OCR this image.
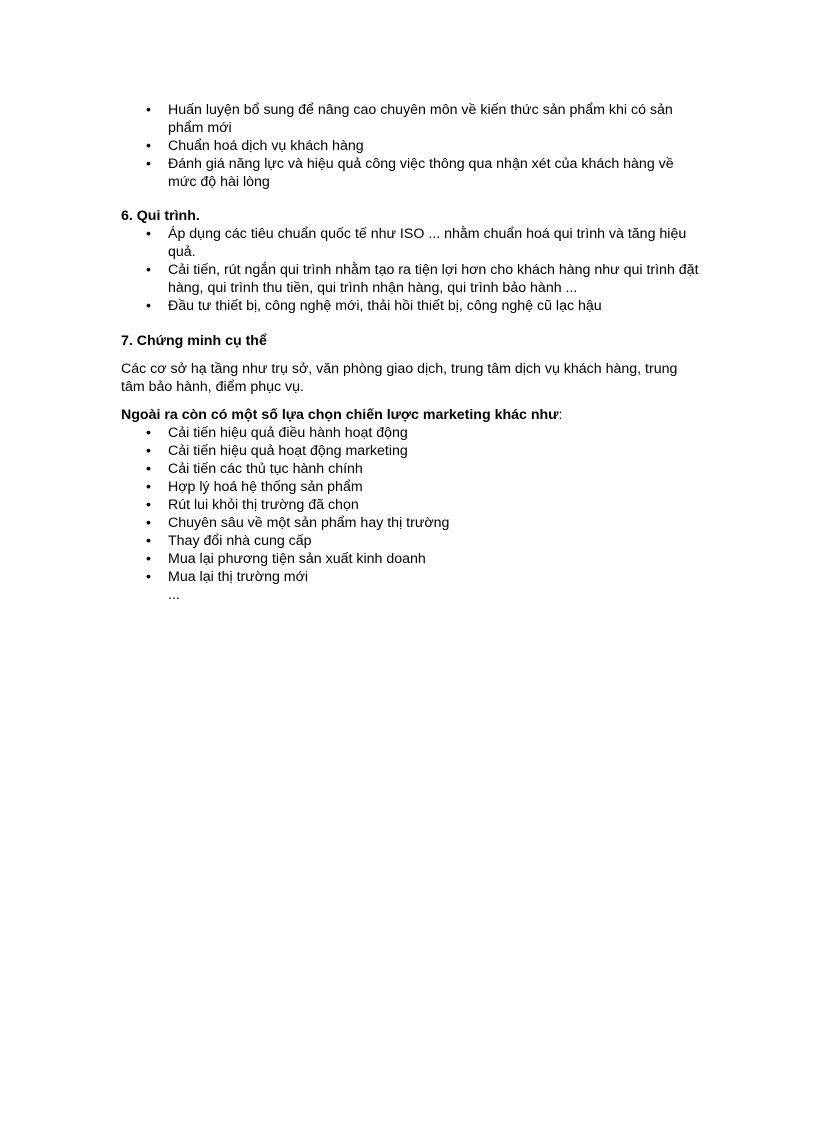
• Huấn luyện bổ sung để nâng cao chuyên môn về kiến thức sản phẩm khi có sản phẩm mới
• Chuẩn hoá dịch vụ khách hàng
• Đánh giá năng lực và hiệu quả công việc thông qua nhận xét của khách hàng về mức độ hài lòng

6. Qui trình.

• Áp dụng các tiêu chuẩn quốc tế như ISO ... nhằm chuẩn hoá qui trình và tăng hiệu quả.
• Cải tiến, rút ngắn qui trình nhằm tạo ra tiện lợi hơn cho khách hàng như qui trình đặt hàng, qui trình thu tiền, qui trình nhận hàng, qui trình bảo hành ...
• Đầu tư thiết bị, công nghệ mới, thải hồi thiết bị, công nghệ cũ lạc hậu

7. Chứng minh cụ thể

Các cơ sở hạ tầng như trụ sở, văn phòng giao dịch, trung tâm dịch vụ khách hàng, trung tâm bảo hành, điểm phục vụ.

Ngoài ra còn có một số lựa chọn chiến lược marketing khác như:

• Cải tiến hiệu quả điều hành hoạt động
• Cải tiến hiệu quả hoạt động marketing
• Cải tiến các thủ tục hành chính
• Hợp lý hoá hệ thống sản phẩm
• Rút lui khỏi thị trường đã chọn
• Chuyên sâu về một sản phẩm hay thị trường
• Thay đổi nhà cung cấp
• Mua lại phương tiện sản xuất kinh doanh
• Mua lại thị trường mới
...
